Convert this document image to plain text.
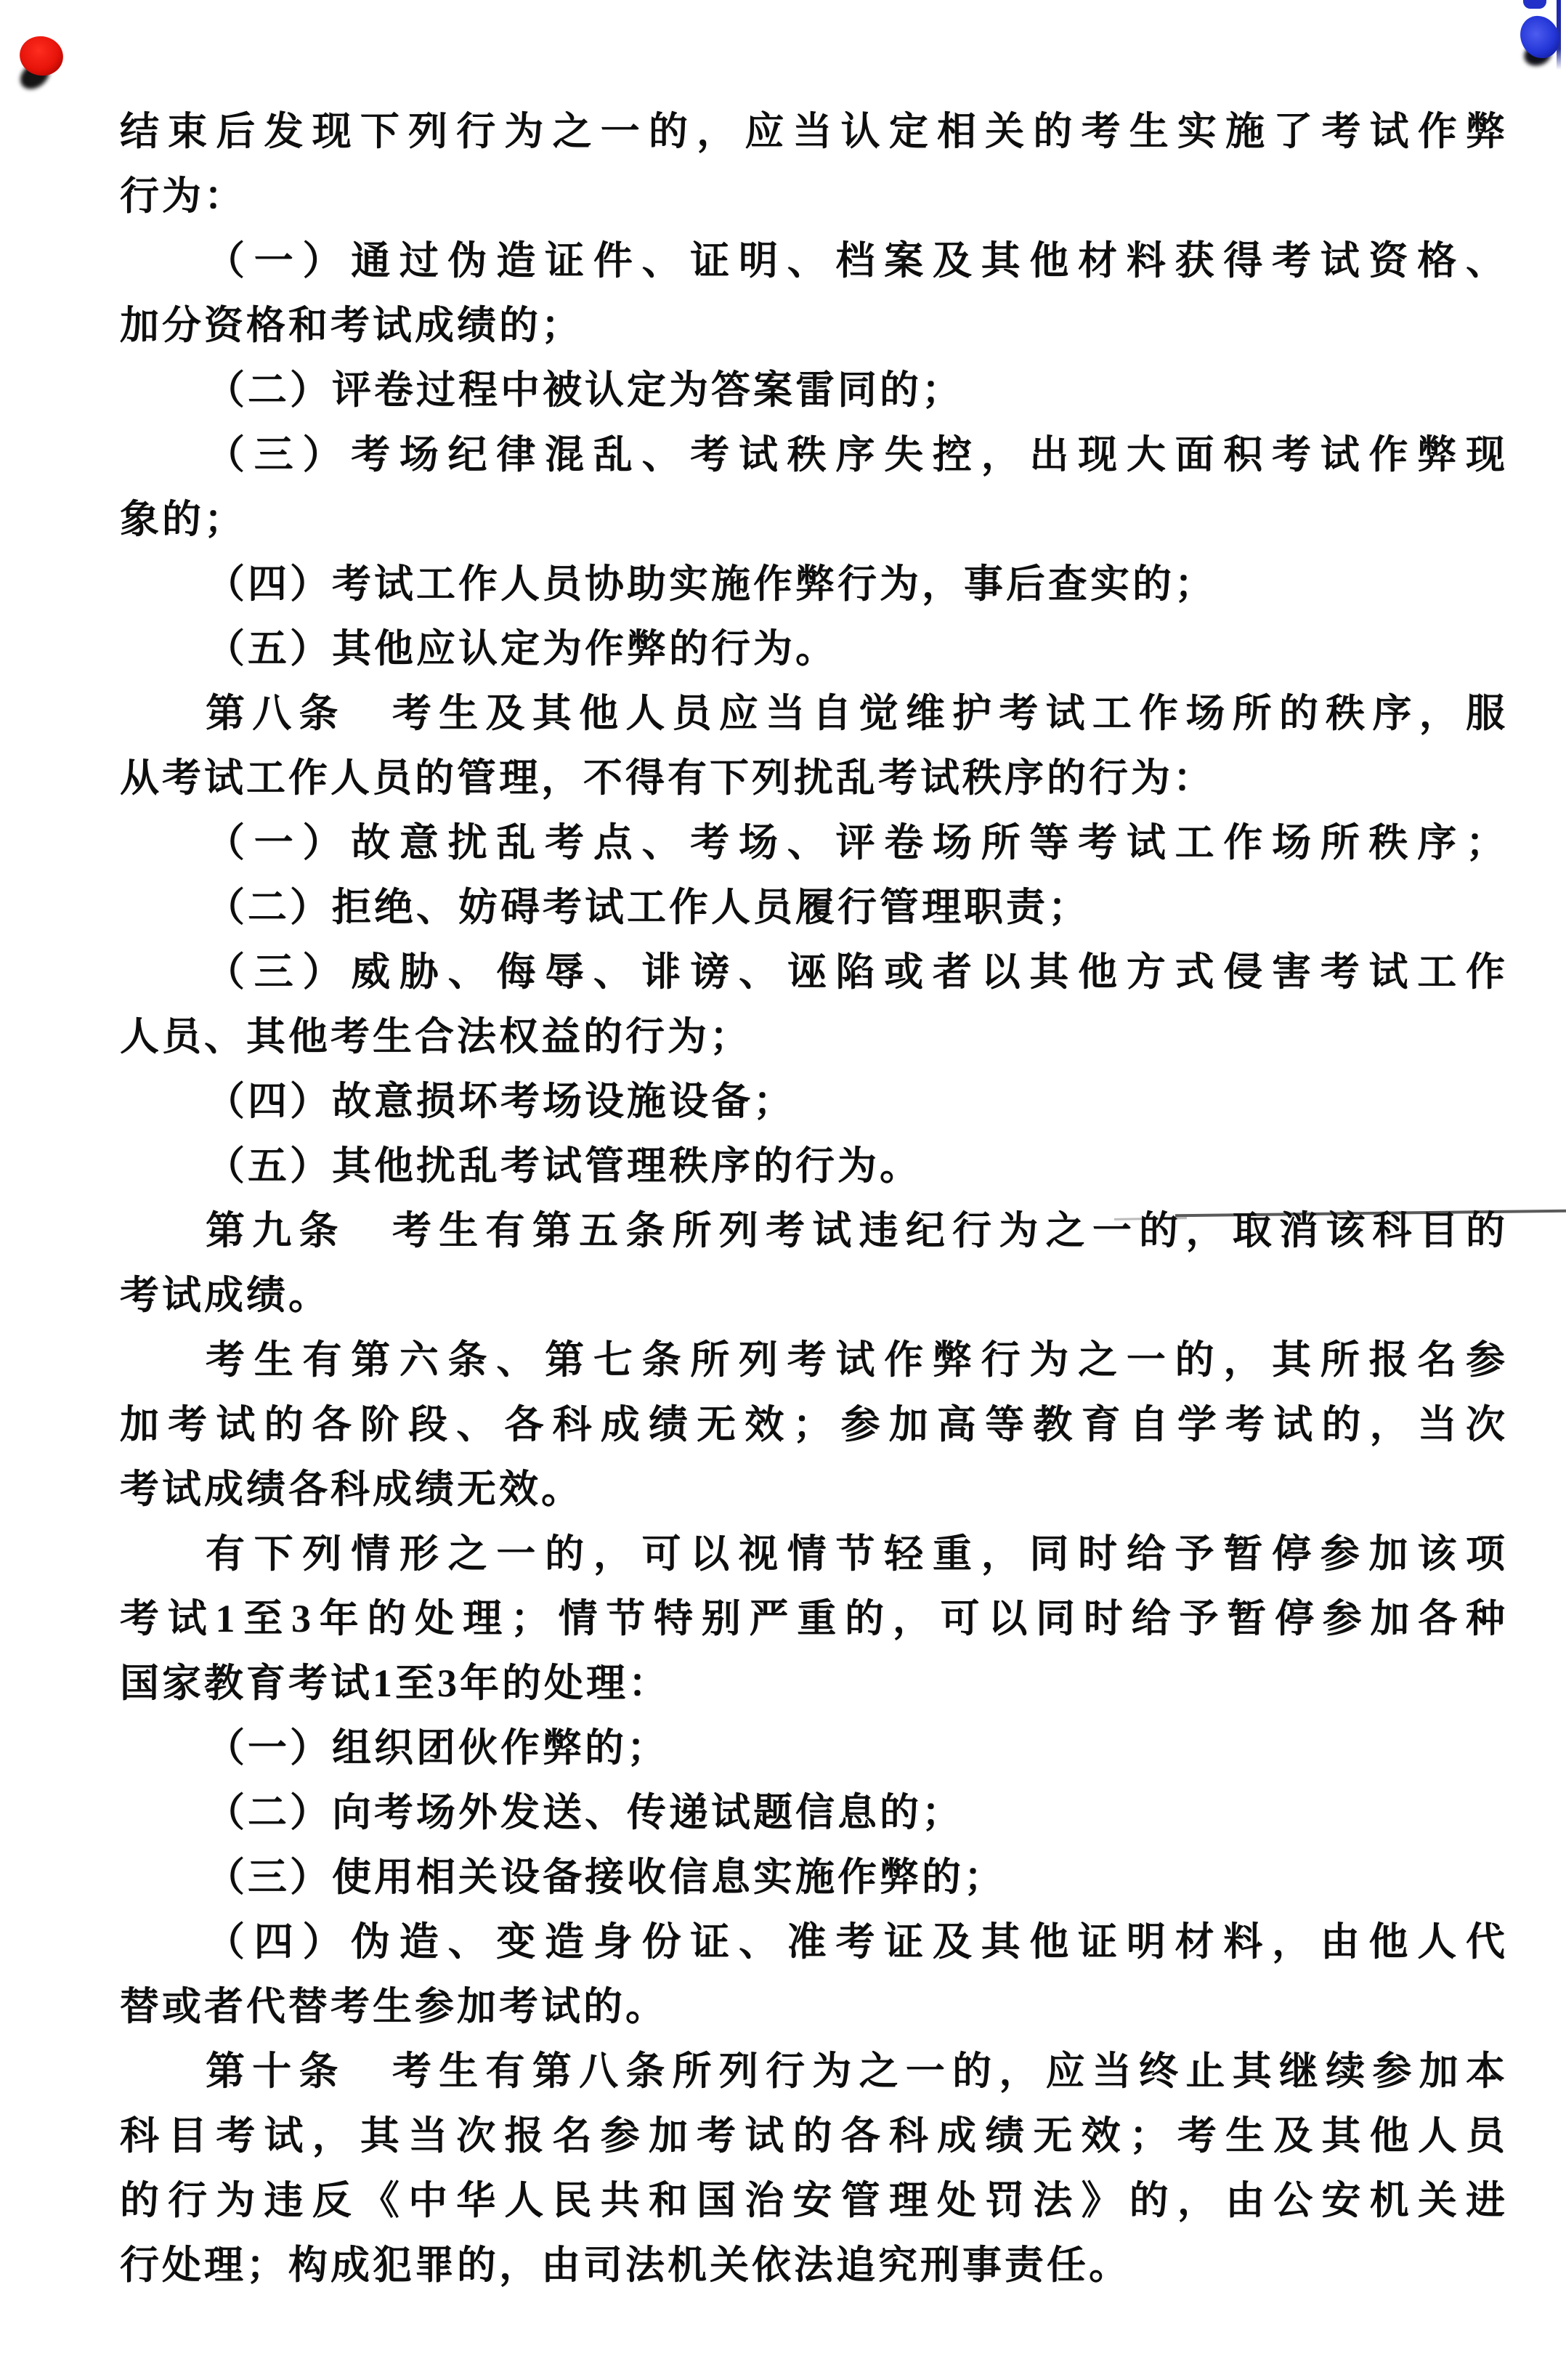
结束后发现下列行为之一的，应当认定相关的考生实施了考试作弊
行为：
（一）通过伪造证件、证明、档案及其他材料获得考试资格、
加分资格和考试成绩的；
（二）评卷过程中被认定为答案雷同的；
（三）考场纪律混乱、考试秩序失控，出现大面积考试作弊现
象的；
（四）考试工作人员协助实施作弊行为，事后查实的；
（五）其他应认定为作弊的行为。
第八条　考生及其他人员应当自觉维护考试工作场所的秩序，服
从考试工作人员的管理，不得有下列扰乱考试秩序的行为：
（一）故意扰乱考点、考场、评卷场所等考试工作场所秩序；
（二）拒绝、妨碍考试工作人员履行管理职责；
（三）威胁、侮辱、诽谤、诬陷或者以其他方式侵害考试工作
人员、其他考生合法权益的行为；
（四）故意损坏考场设施设备；
（五）其他扰乱考试管理秩序的行为。
第九条　考生有第五条所列考试违纪行为之一的，取消该科目的
考试成绩。
考生有第六条、第七条所列考试作弊行为之一的，其所报名参
加考试的各阶段、各科成绩无效；参加高等教育自学考试的，当次
考试成绩各科成绩无效。
有下列情形之一的，可以视情节轻重，同时给予暂停参加该项
考试1至3年的处理；情节特别严重的，可以同时给予暂停参加各种
国家教育考试1至3年的处理：
（一）组织团伙作弊的；
（二）向考场外发送、传递试题信息的；
（三）使用相关设备接收信息实施作弊的；
（四）伪造、变造身份证、准考证及其他证明材料，由他人代
替或者代替考生参加考试的。
第十条　考生有第八条所列行为之一的，应当终止其继续参加本
科目考试，其当次报名参加考试的各科成绩无效；考生及其他人员
的行为违反《中华人民共和国治安管理处罚法》的，由公安机关进
行处理；构成犯罪的，由司法机关依法追究刑事责任。
